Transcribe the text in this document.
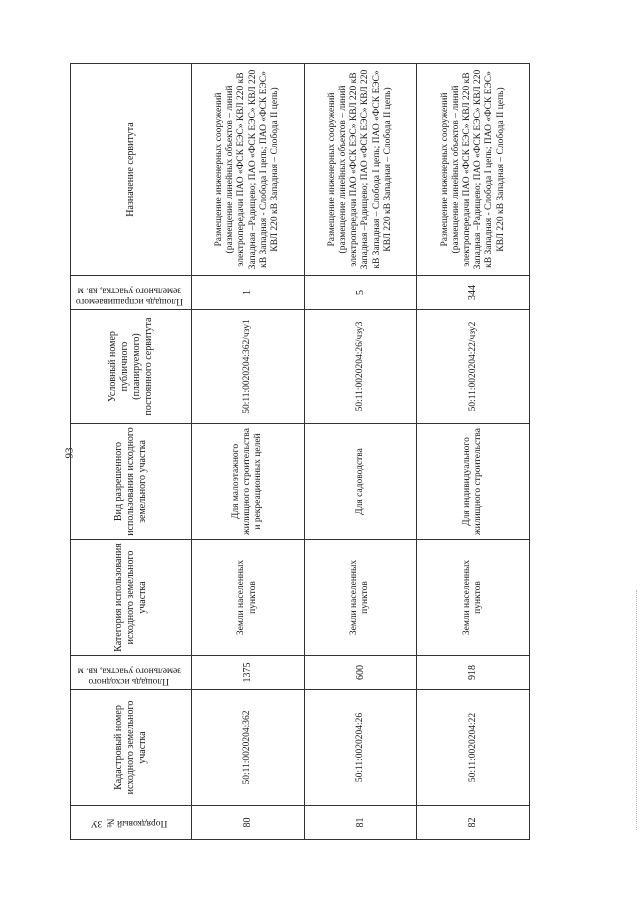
93
Порядковый № ЗУ	Кадастровый номер исходного земельного участка	Площадь исходного земельного участка, кв. м	Категория использования исходного земельного участка	Вид разрешенного использования исходного земельного участка	Условный номер публичного (планируемого) постоянного сервитута	Площадь испрашиваемого земельного участка, кв. м	Назначение сервитута
80	50:11:0020204:362	1375	Земли населенных пунктов	Для малоэтажного жилищного строительства и рекреационных целей	50:11:0020204:362/чзу1	1	Размещение инженерных сооружений (размещение линейных объектов – линий электропередачи ПАО «ФСК ЕЭС» КВЛ 220 кВ Западная –Радищево; ПАО «ФСК ЕЭС» КВЛ 220 кВ Западная - Слобода I цепь; ПАО «ФСК ЕЭС» КВЛ 220 кВ Западная – Слобода II цепь)
81	50:11:0020204:26	600	Земли населенных пунктов	Для садоводства	50:11:0020204:26/чзу3	5	Размещение инженерных сооружений (размещение линейных объектов – линий электропередачи ПАО «ФСК ЕЭС» КВЛ 220 кВ Западная –Радищево; ПАО «ФСК ЕЭС» КВЛ 220 кВ Западная – Слобода I цепь; ПАО «ФСК ЕЭС» КВЛ 220 кВ Западная – Слобода II цепь)
82	50:11:0020204:22	918	Земли населенных пунктов	Для индивидуального жилищного строительства	50:11:0020204:22/чзу2	344	Размещение инженерных сооружений (размещение линейных объектов – линий электропередачи ПАО «ФСК ЕЭС» КВЛ 220 кВ Западная –Радищево; ПАО «ФСК ЕЭС» КВЛ 220 кВ Западная - Слобода I цепь; ПАО «ФСК ЕЭС» КВЛ 220 кВ Западная – Слобода II цепь)
